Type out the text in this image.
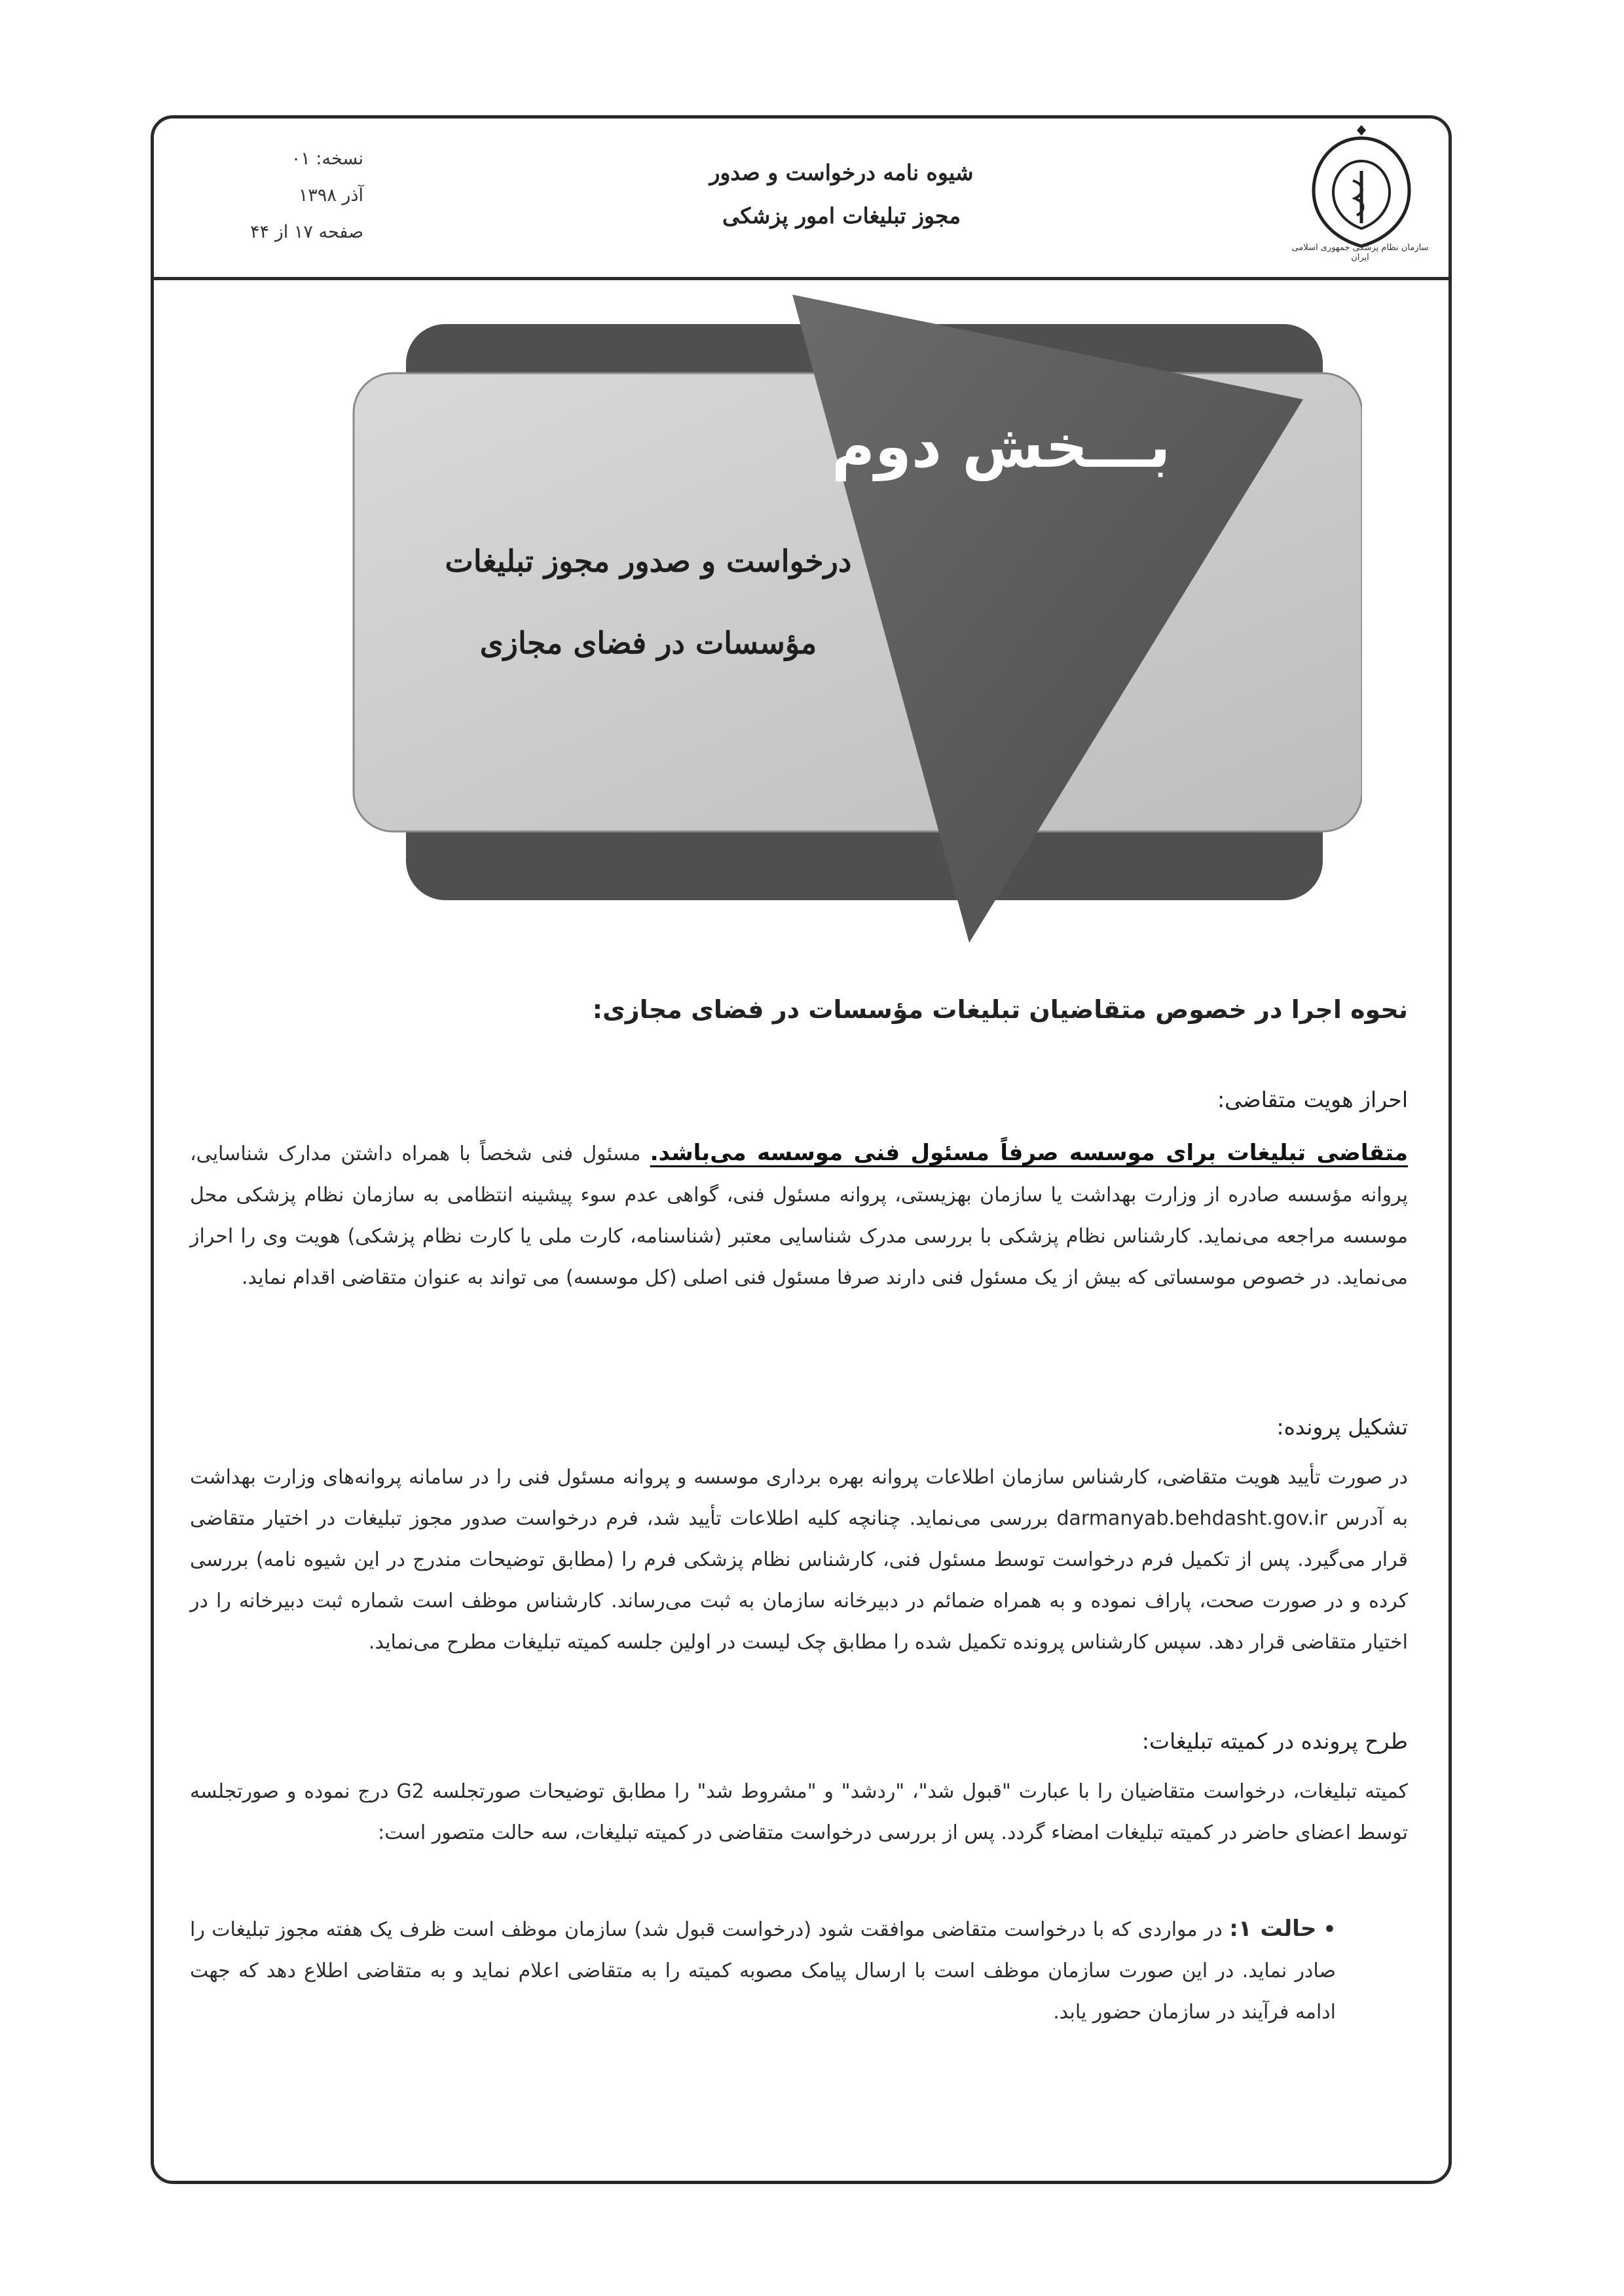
نسخه: ۰۱
آذر ۱۳۹۸
صفحه ۱۷ از ۴۴
شیوه نامه درخواست و صدور
مجوز تبلیغات امور پزشکی
سازمان نظام پزشکی جمهوری اسلامی ایران
بـــخش دوم
درخواست و صدور مجوز تبلیغات
مؤسسات در فضای مجازی
نحوه اجرا در خصوص متقاضیان تبلیغات مؤسسات در فضای مجازی:
احراز هویت متقاضی:
متقاضی تبلیغات برای موسسه صرفاً مسئول فنی موسسه می‌باشد. مسئول فنی شخصاً با همراه داشتن مدارک شناسایی، پروانه مؤسسه صادره از وزارت بهداشت یا سازمان بهزیستی، پروانه مسئول فنی، گواهی عدم سوء پیشینه انتظامی به سازمان نظام پزشکی محل موسسه مراجعه می‌نماید. کارشناس نظام پزشکی با بررسی مدرک شناسایی معتبر (شناسنامه، کارت ملی یا کارت نظام پزشکی) هویت وی را احراز می‌نماید. در خصوص موسساتی که بیش از یک مسئول فنی دارند صرفا مسئول فنی اصلی (کل موسسه) می تواند به عنوان متقاضی اقدام نماید.
تشکیل پرونده:
در صورت تأیید هویت متقاضی، کارشناس سازمان اطلاعات پروانه بهره برداری موسسه و پروانه مسئول فنی را در سامانه پروانه‌های وزارت بهداشت به آدرس darmanyab.behdasht.gov.ir بررسی می‌نماید. چنانچه کلیه اطلاعات تأیید شد، فرم درخواست صدور مجوز تبلیغات در اختیار متقاضی قرار می‌گیرد. پس از تکمیل فرم درخواست توسط مسئول فنی، کارشناس نظام پزشکی فرم را (مطابق توضیحات مندرج در این شیوه نامه) بررسی کرده و در صورت صحت، پاراف نموده و به همراه ضمائم در دبیرخانه سازمان به ثبت می‌رساند. کارشناس موظف است شماره ثبت دبیرخانه را در اختیار متقاضی قرار دهد. سپس کارشناس پرونده تکمیل شده را مطابق چک لیست در اولین جلسه کمیته تبلیغات مطرح می‌نماید.
طرح پرونده در کمیته تبلیغات:
کمیته تبلیغات، درخواست متقاضیان را با عبارت "قبول شد"، "ردشد" و "مشروط شد" را مطابق توضیحات صورتجلسه G2 درج نموده و صورتجلسه توسط اعضای حاضر در کمیته تبلیغات امضاء گردد. پس از بررسی درخواست متقاضی در کمیته تبلیغات، سه حالت متصور است:
• حالت ۱: در مواردی که با درخواست متقاضی موافقت شود (درخواست قبول شد) سازمان موظف است ظرف یک هفته مجوز تبلیغات را صادر نماید. در این صورت سازمان موظف است با ارسال پیامک مصوبه کمیته را به متقاضی اعلام نماید و به متقاضی اطلاع دهد که جهت ادامه فرآیند در سازمان حضور یابد.
